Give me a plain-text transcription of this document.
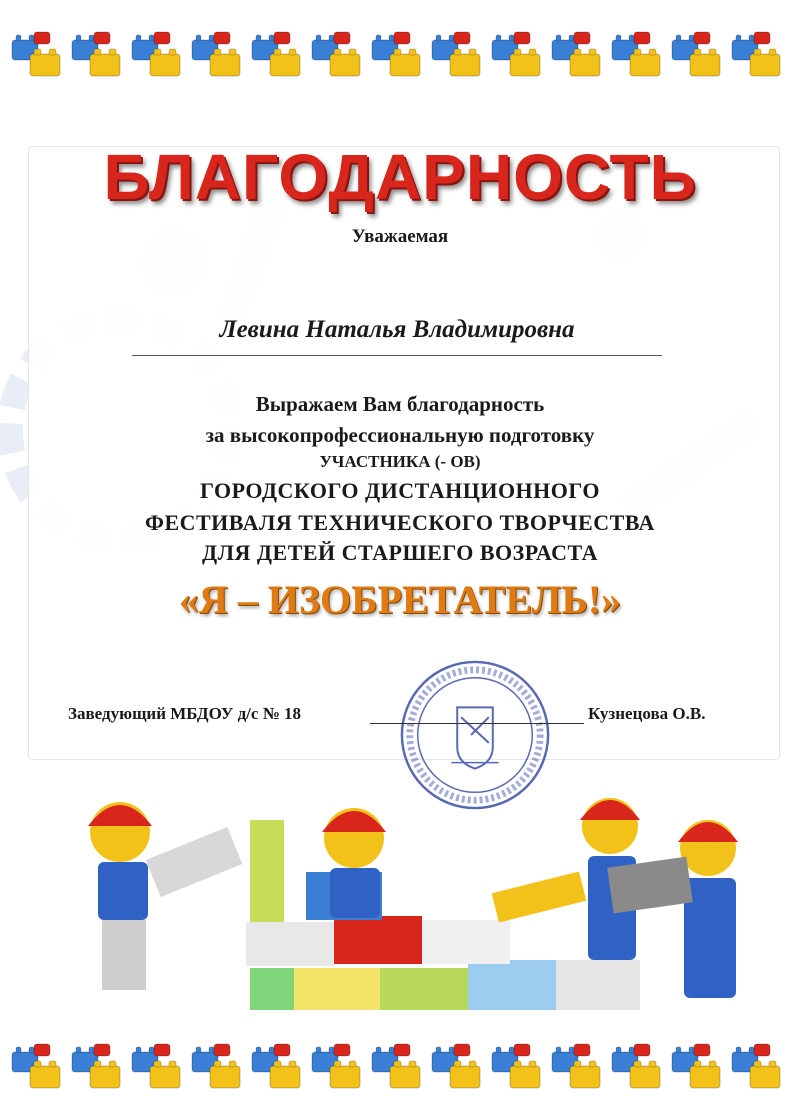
БЛАГОДАРНОСТЬ
Уважаемая
Левина Наталья Владимировна
Выражаем Вам благодарность
за высокопрофессиональную подготовку
УЧАСТНИКА (- ОВ)
ГОРОДСКОГО ДИСТАНЦИОННОГО
ФЕСТИВАЛЯ ТЕХНИЧЕСКОГО ТВОРЧЕСТВА
ДЛЯ ДЕТЕЙ СТАРШЕГО ВОЗРАСТА
«Я – ИЗОБРЕТАТЕЛЬ!»
Заведующий МБДОУ д/с № 18	Кузнецова О.В.
